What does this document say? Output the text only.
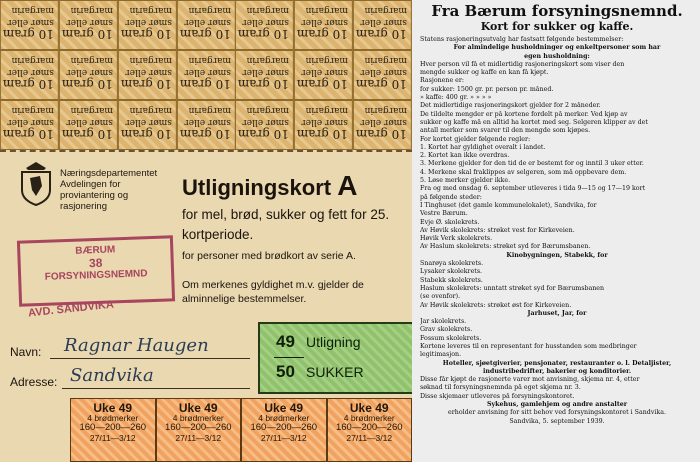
10 gram
smør eller
margarin
10 gram
smør eller
margarin
10 gram
smør eller
margarin
10 gram
smør eller
margarin
10 gram
smør eller
margarin
10 gram
smør eller
margarin
10 gram
smør eller
margarin
10 gram
smør eller
margarin
10 gram
smør eller
margarin
10 gram
smør eller
margarin
10 gram
smør eller
margarin
10 gram
smør eller
margarin
10 gram
smør eller
margarin
10 gram
smør eller
margarin
10 gram
smør eller
margarin
10 gram
smør eller
margarin
10 gram
smør eller
margarin
10 gram
smør eller
margarin
10 gram
smør eller
margarin
10 gram
smør eller
margarin
10 gram
smør eller
margarin
Næringsdepartementet
Avdelingen for
proviantering og
rasjonering
Utligningskort A
for mel, brød, sukker og fett for 25. kortperiode.
for personer med brødkort av serie A.
Om merkenes gyldighet m.v. gjelder de alminnelige bestemmelser.
BÆRUM
38
FORSYNINGSNEMND
AVD. SANDVIKA
Navn: Ragnar Haugen
Adresse: Sandvika
49 Utligning
50 SUKKER
Uke 49
4 brødmerker
160—200—260
27/11—3/12
Uke 49
4 brødmerker
160—200—260
27/11—3/12
Uke 49
4 brødmerker
160—200—260
27/11—3/12
Uke 49
4 brødmerker
160—200—260
27/11—3/12
Fra Bærum forsyningsnemnd.
Kort for sukker og kaffe.
Statens rasjoneringsutvalg har fastsatt følgende bestemmelser:
For almindelige husholdninger og enkeltpersoner som har
egen husholdning:
Hver person vil få et midlertidig rasjoneringskort som viser den
mengde sukker og kaffe en kan få kjøpt.
Rasjonene er:
for sukker: 1500 gr. pr. person pr. måned.
» kaffe: 400 gr. » » » »
Det midlertidige rasjoneringskort gjelder for 2 måneder.
De tildelte mengder er på kortene fordelt på merker. Ved kjøp av
sukker og kaffe må en alltid ha kortet med seg. Selgeren klipper av det
antall merker som svarer til den mengde som kjøpes.
For kortet gjelder følgende regler:
1. Kortet har gyldighet overalt i landet.
2. Kortet kan ikke overdras.
3. Merkene gjelder for den tid de er bestemt for og inntil 3 uker etter.
4. Merkene skal fraklippes av selgeren, som må oppbevare dem.
5. Løse merker gjelder ikke.
Fra og med onsdag 6. september utleveres i tida 9—15 og 17—19 kort
på følgende steder:
I Tinghuset (det gamle kommunelokalet), Sandvika, for
Vestre Bærum.
Evje Ø. skolekrets.
Av Høvik skolekrets: strøket vest for Kirkeveien.
Høvik Verk skolekrets.
Av Haslum skolekrets: strøket syd for Bærumsbanen.
Kinobygningen, Stabekk, for
Snarøya skolekrets.
Lysaker skolekrets.
Stabekk skolekrets.
Haslum skolekrets: unntatt strøket syd for Bærumsbanen
(se ovenfor).
Av Høvik skolekrets: strøket øst for Kirkeveien.
Jarhuset, Jar, for
Jar skolekrets.
Grav skolekrets.
Fossum skolekrets.
Kortene leveres til en representant for husstanden som medbringer
legitimasjon.
Hoteller, sjøetgiverier, pensjonater, restauranter o. l. Detaljister,
industribedrifter, bakerier og konditorier.
Disse får kjøpt de rasjonerte varer mot anvisning, skjema nr. 4, etter
søknad til forsyningsnemnda på eget skjema nr. 3.
Disse skjemaer utleveres på forsyningskontoret.
Sykehus, gamlehjem og andre anstalter
erholder anvisning for sitt behov ved forsyningskontoret i Sandvika.
Sandvika, 5. september 1939.
